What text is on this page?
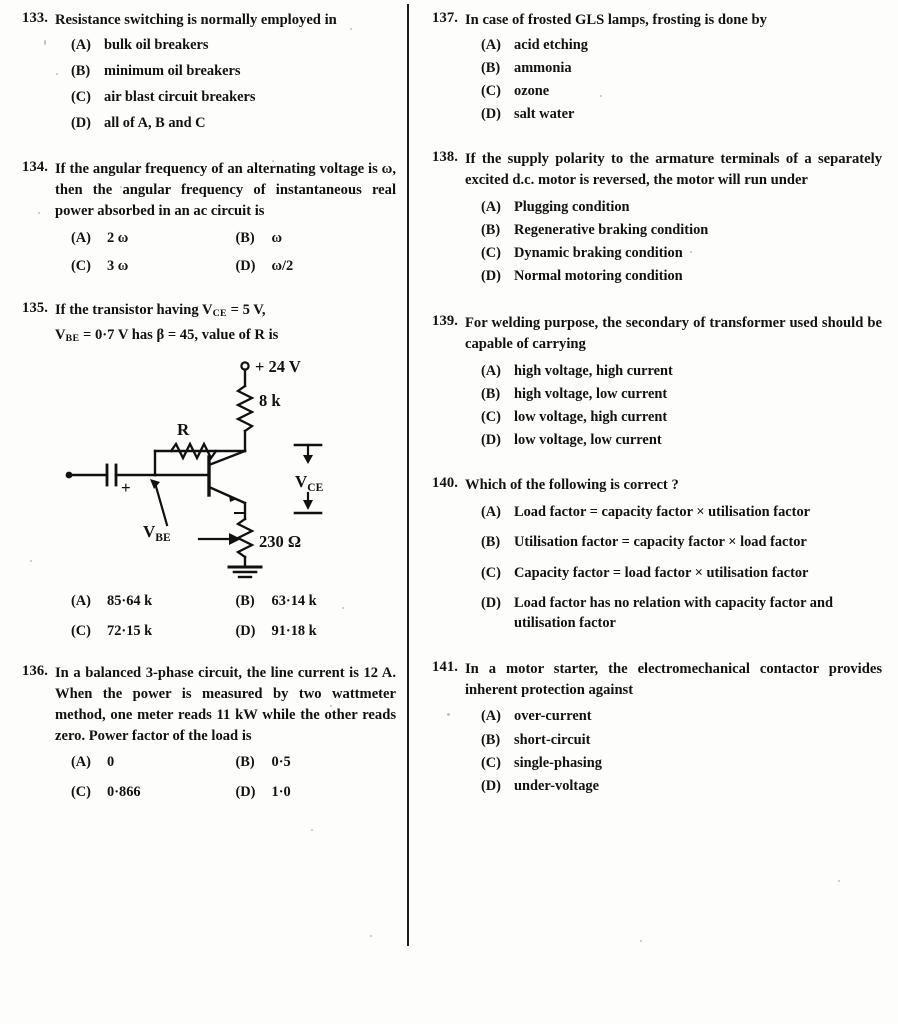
133. Resistance switching is normally employed in

(A) bulk oil breakers
(B) minimum oil breakers
(C) air blast circuit breakers
(D) all of A, B and C
134. If the angular frequency of an alternating voltage is ω, then the angular frequency of instantaneous real power absorbed in an ac circuit is

(A)	2 ω	(B)	ω
(C)	3 ω	(D)	ω/2
135. If the transistor having $V_{CE} = 5$ V,

$V_{BE} = 0\cdot 7$ V has β = 45, value of R is

+ 24 V
8 k
R
230 Ω
+	$V_{CE}$
$V_{BE}$
(A)	85·64 k	(B)	63·14 k
(C)	72·15 k	(D)	91·18 k
136. In a balanced 3-phase circuit, the line current is 12 A. When the power is measured by two wattmeter method, one meter reads 11 kW while the other reads zero. Power factor of the load is

(A)	0	(B)	0·5
(C)	0·866	(D)	1·0
137. In case of frosted GLS lamps, frosting is done by

(A) acid etching
(B) ammonia
(C) ozone
(D) salt water
138. If the supply polarity to the armature terminals of a separately excited d.c. motor is reversed, the motor will run under

(A) Plugging condition
(B) Regenerative braking condition
(C) Dynamic braking condition
(D) Normal motoring condition
139. For welding purpose, the secondary of transformer used should be capable of carrying

(A) high voltage, high current
(B) high voltage, low current
(C) low voltage, high current
(D) low voltage, low current
140. Which of the following is correct ?

(A) Load factor = capacity factor × utilisation factor
(B) Utilisation factor = capacity factor × load factor
(C) Capacity factor = load factor × utilisation factor
(D) Load factor has no relation with capacity factor and utilisation factor
141. In a motor starter, the electromechanical contactor provides inherent protection against

(A) over-current
(B) short-circuit
(C) single-phasing
(D) under-voltage
